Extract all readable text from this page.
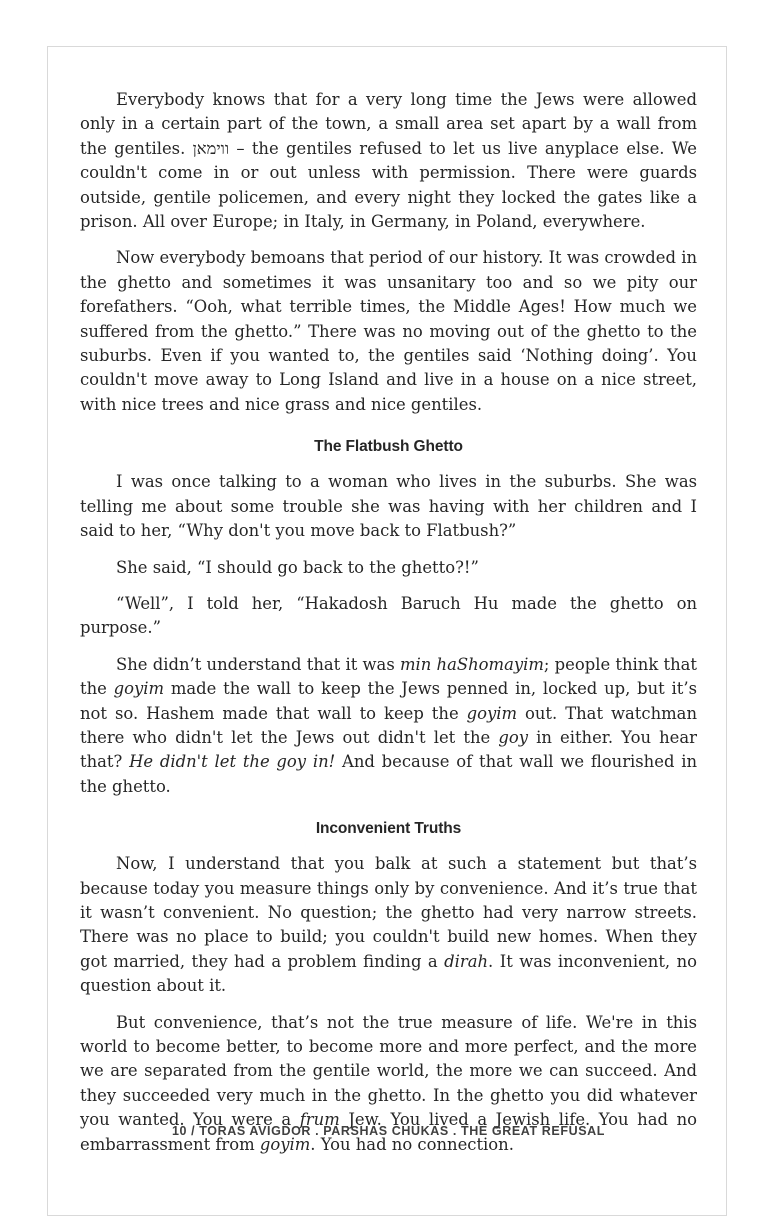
Everybody knows that for a very long time the Jews were allowed only in a certain part of the town, a small area set apart by a wall from the gentiles. ווימאן – the gentiles refused to let us live anyplace else. We couldn't come in or out unless with permission. There were guards outside, gentile policemen, and every night they locked the gates like a prison. All over Europe; in Italy, in Germany, in Poland, everywhere.

Now everybody bemoans that period of our history. It was crowded in the ghetto and sometimes it was unsanitary too and so we pity our forefathers. “Ooh, what terrible times, the Middle Ages! How much we suffered from the ghetto.” There was no moving out of the ghetto to the suburbs. Even if you wanted to, the gentiles said ‘Nothing doing’. You couldn't move away to Long Island and live in a house on a nice street, with nice trees and nice grass and nice gentiles.

The Flatbush Ghetto

I was once talking to a woman who lives in the suburbs. She was telling me about some trouble she was having with her children and I said to her, “Why don't you move back to Flatbush?”

She said, “I should go back to the ghetto?!”

“Well”, I told her, “Hakadosh Baruch Hu made the ghetto on purpose.”

She didn’t understand that it was min haShomayim; people think that the goyim made the wall to keep the Jews penned in, locked up, but it’s not so. Hashem made that wall to keep the goyim out. That watchman there who didn't let the Jews out didn't let the goy in either. You hear that? He didn't let the goy in! And because of that wall we flourished in the ghetto.

Inconvenient Truths

Now, I understand that you balk at such a statement but that’s because today you measure things only by convenience. And it’s true that it wasn’t convenient. No question; the ghetto had very narrow streets. There was no place to build; you couldn't build new homes. When they got married, they had a problem finding a dirah. It was inconvenient, no question about it.

But convenience, that’s not the true measure of life. We're in this world to become better, to become more and more perfect, and the more we are separated from the gentile world, the more we can succeed. And they succeeded very much in the ghetto. In the ghetto you did whatever you wanted. You were a frum Jew. You lived a Jewish life. You had no embarrassment from goyim. You had no connection.

10 / TORAS AVIGDOR . PARSHAS CHUKAS . THE GREAT REFUSAL
